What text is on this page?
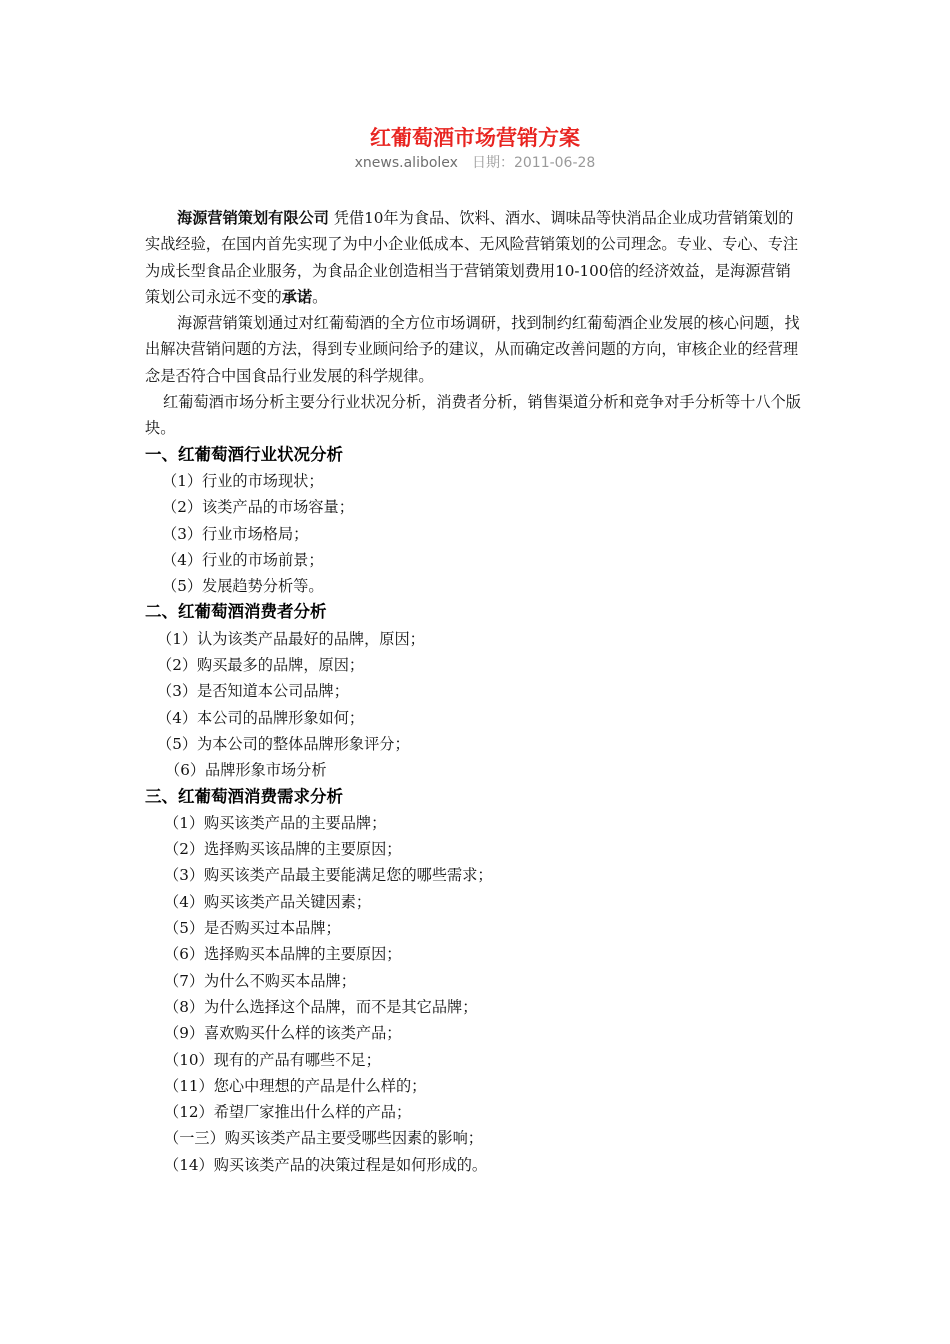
红葡萄酒市场营销方案
xnews.alibolex 日期：2011-06-28

海源营销策划有限公司 凭借10年为食品、饮料、酒水、调味品等快消品企业成功营销策划的实战经验，在国内首先实现了为中小企业低成本、无风险营销策划的公司理念。专业、专心、专注为成长型食品企业服务，为食品企业创造相当于营销策划费用10-100倍的经济效益，是海源营销策划公司永远不变的承诺。

海源营销策划通过对红葡萄酒的全方位市场调研，找到制约红葡萄酒企业发展的核心问题，找出解决营销问题的方法，得到专业顾问给予的建议，从而确定改善问题的方向，审核企业的经营理念是否符合中国食品行业发展的科学规律。

红葡萄酒市场分析主要分行业状况分析，消费者分析，销售渠道分析和竞争对手分析等十八个版块。

一、红葡萄酒行业状况分析
（1）行业的市场现状；
（2）该类产品的市场容量；
（3）行业市场格局；
（4）行业的市场前景；
（5）发展趋势分析等。
二、红葡萄酒消费者分析
（1）认为该类产品最好的品牌，原因；
（2）购买最多的品牌，原因；
（3）是否知道本公司品牌；
（4）本公司的品牌形象如何；
（5）为本公司的整体品牌形象评分；
（6）品牌形象市场分析
三、红葡萄酒消费需求分析
（1）购买该类产品的主要品牌；
（2）选择购买该品牌的主要原因；
（3）购买该类产品最主要能满足您的哪些需求；
（4）购买该类产品关键因素；
（5）是否购买过本品牌；
（6）选择购买本品牌的主要原因；
（7）为什么不购买本品牌；
（8）为什么选择这个品牌，而不是其它品牌；
（9）喜欢购买什么样的该类产品；
（10）现有的产品有哪些不足；
（11）您心中理想的产品是什么样的；
（12）希望厂家推出什么样的产品；
（一三）购买该类产品主要受哪些因素的影响；
（14）购买该类产品的决策过程是如何形成的。
